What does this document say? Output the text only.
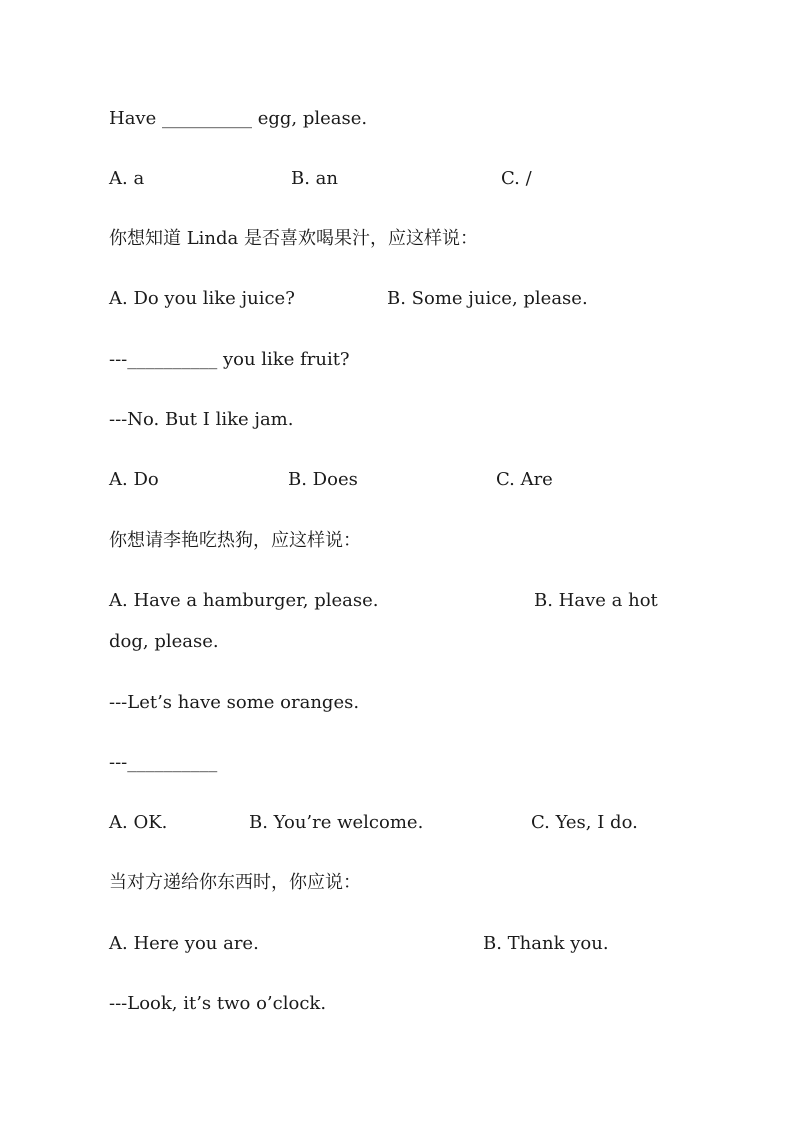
Have __________ egg, please.
A. a	B. an	C. /
你想知道 Linda 是否喜欢喝果汁，应这样说：
A. Do you like juice?	B. Some juice, please.
---__________ you like fruit?
---No. But I like jam.
A. Do	B. Does	C. Are
你想请李艳吃热狗，应这样说：
A. Have a hamburger, please.	B. Have a hot
dog, please.
---Let’s have some oranges.
---__________
A. OK.	B. You’re welcome.	C. Yes, I do.
当对方递给你东西时，你应说：
A. Here you are.	B. Thank you.
---Look, it’s two o’clock.
